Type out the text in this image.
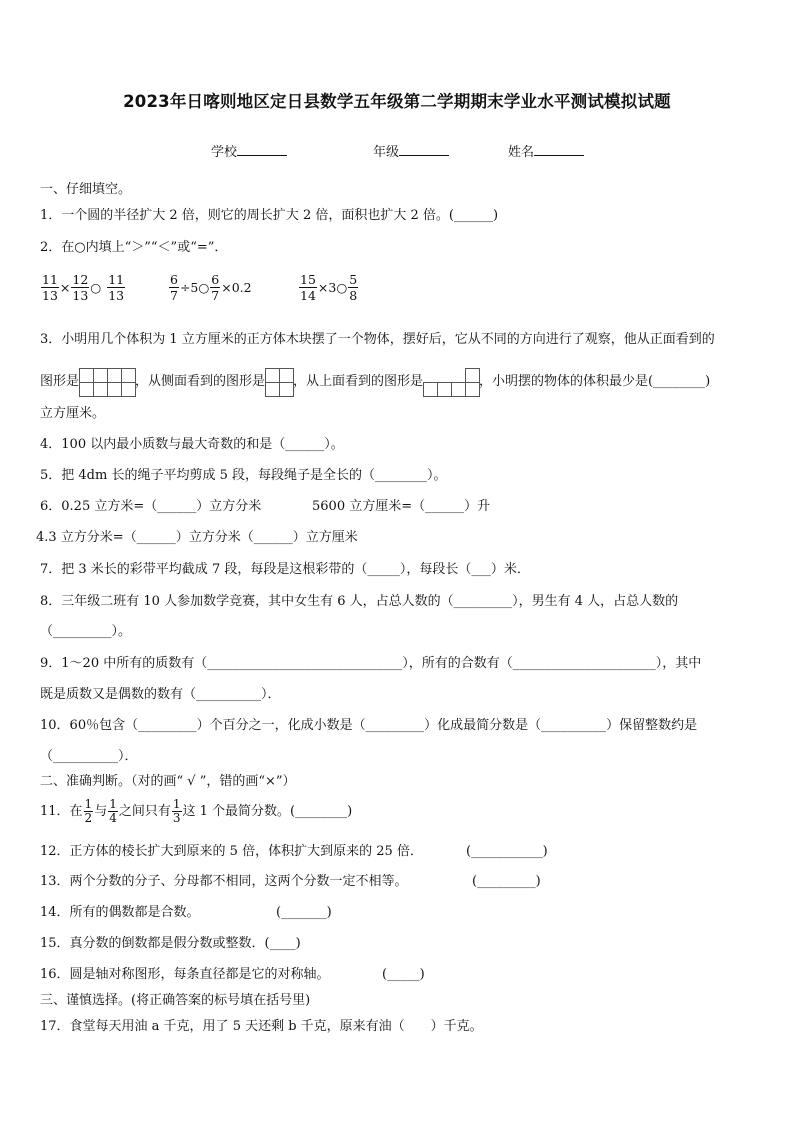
2023年日喀则地区定日县数学五年级第二学期期末学业水平测试模拟试题
学校	年级	姓名
一、仔细填空。
1．一个圆的半径扩大 2 倍，则它的周长扩大 2 倍，面积也扩大 2 倍。(______)
2．在○内填上“＞”“＜”或“=”．
$\frac{11}{13} \times \frac{12}{13}$ ○ $\frac{11}{13}$	$\frac{6}{7}$ ÷5○ $\frac{6}{7} \times 0.2$	$\frac{15}{14}$ ×3○ $\frac{5}{8}$
3．小明用几个体积为 1 立方厘米的正方体木块摆了一个物体，摆好后，它从不同的方向进行了观察，他从正面看到的
图形是	，从侧面看到的图形是 ，从上面看到的图形是	，小明摆的物体的体积最少是(________)
立方厘米。
4．100 以内最小质数与最大奇数的和是（______）。
5．把 4dm 长的绳子平均剪成 5 段，每段绳子是全长的（________）。
6．0.25 立方米=（______）立方分米	5600 立方厘米=（______）升
4.3 立方分米=（______）立方分米（______）立方厘米
7．把 3 米长的彩带平均截成 7 段，每段是这根彩带的（_____），每段长（___）米．
8．三年级二班有 10 人参加数学竞赛，其中女生有 6 人，占总人数的（_________），男生有 4 人，占总人数的
（_________）。
9．1～20 中所有的质数有（______________________________），所有的合数有（______________________），其中
既是质数又是偶数的数有（__________）．
10．60％包含（_________）个百分之一，化成小数是（_________）化成最简分数是（__________）保留整数约是
（__________）．
二、准确判断。（对的画“ √ ”，错的画“×”）
11．在 $\frac{1}{2}$ 与 $\frac{1}{4}$ 之间只有 $\frac{1}{3}$ 这 1 个最简分数。(________)
12．正方体的棱长扩大到原来的 5 倍，体积扩大到原来的 25 倍．	(___________)
13．两个分数的分子、分母都不相同，这两个分数一定不相等。	(_________)
14．所有的偶数都是合数。	(_______)
15．真分数的倒数都是假分数或整数．(____)
16．圆是轴对称图形，每条直径都是它的对称轴。	(_____)
三、谨慎选择。(将正确答案的标号填在括号里)
17．食堂每天用油 a 千克，用了 5 天还剩 b 千克，原来有油（　　）千克。
